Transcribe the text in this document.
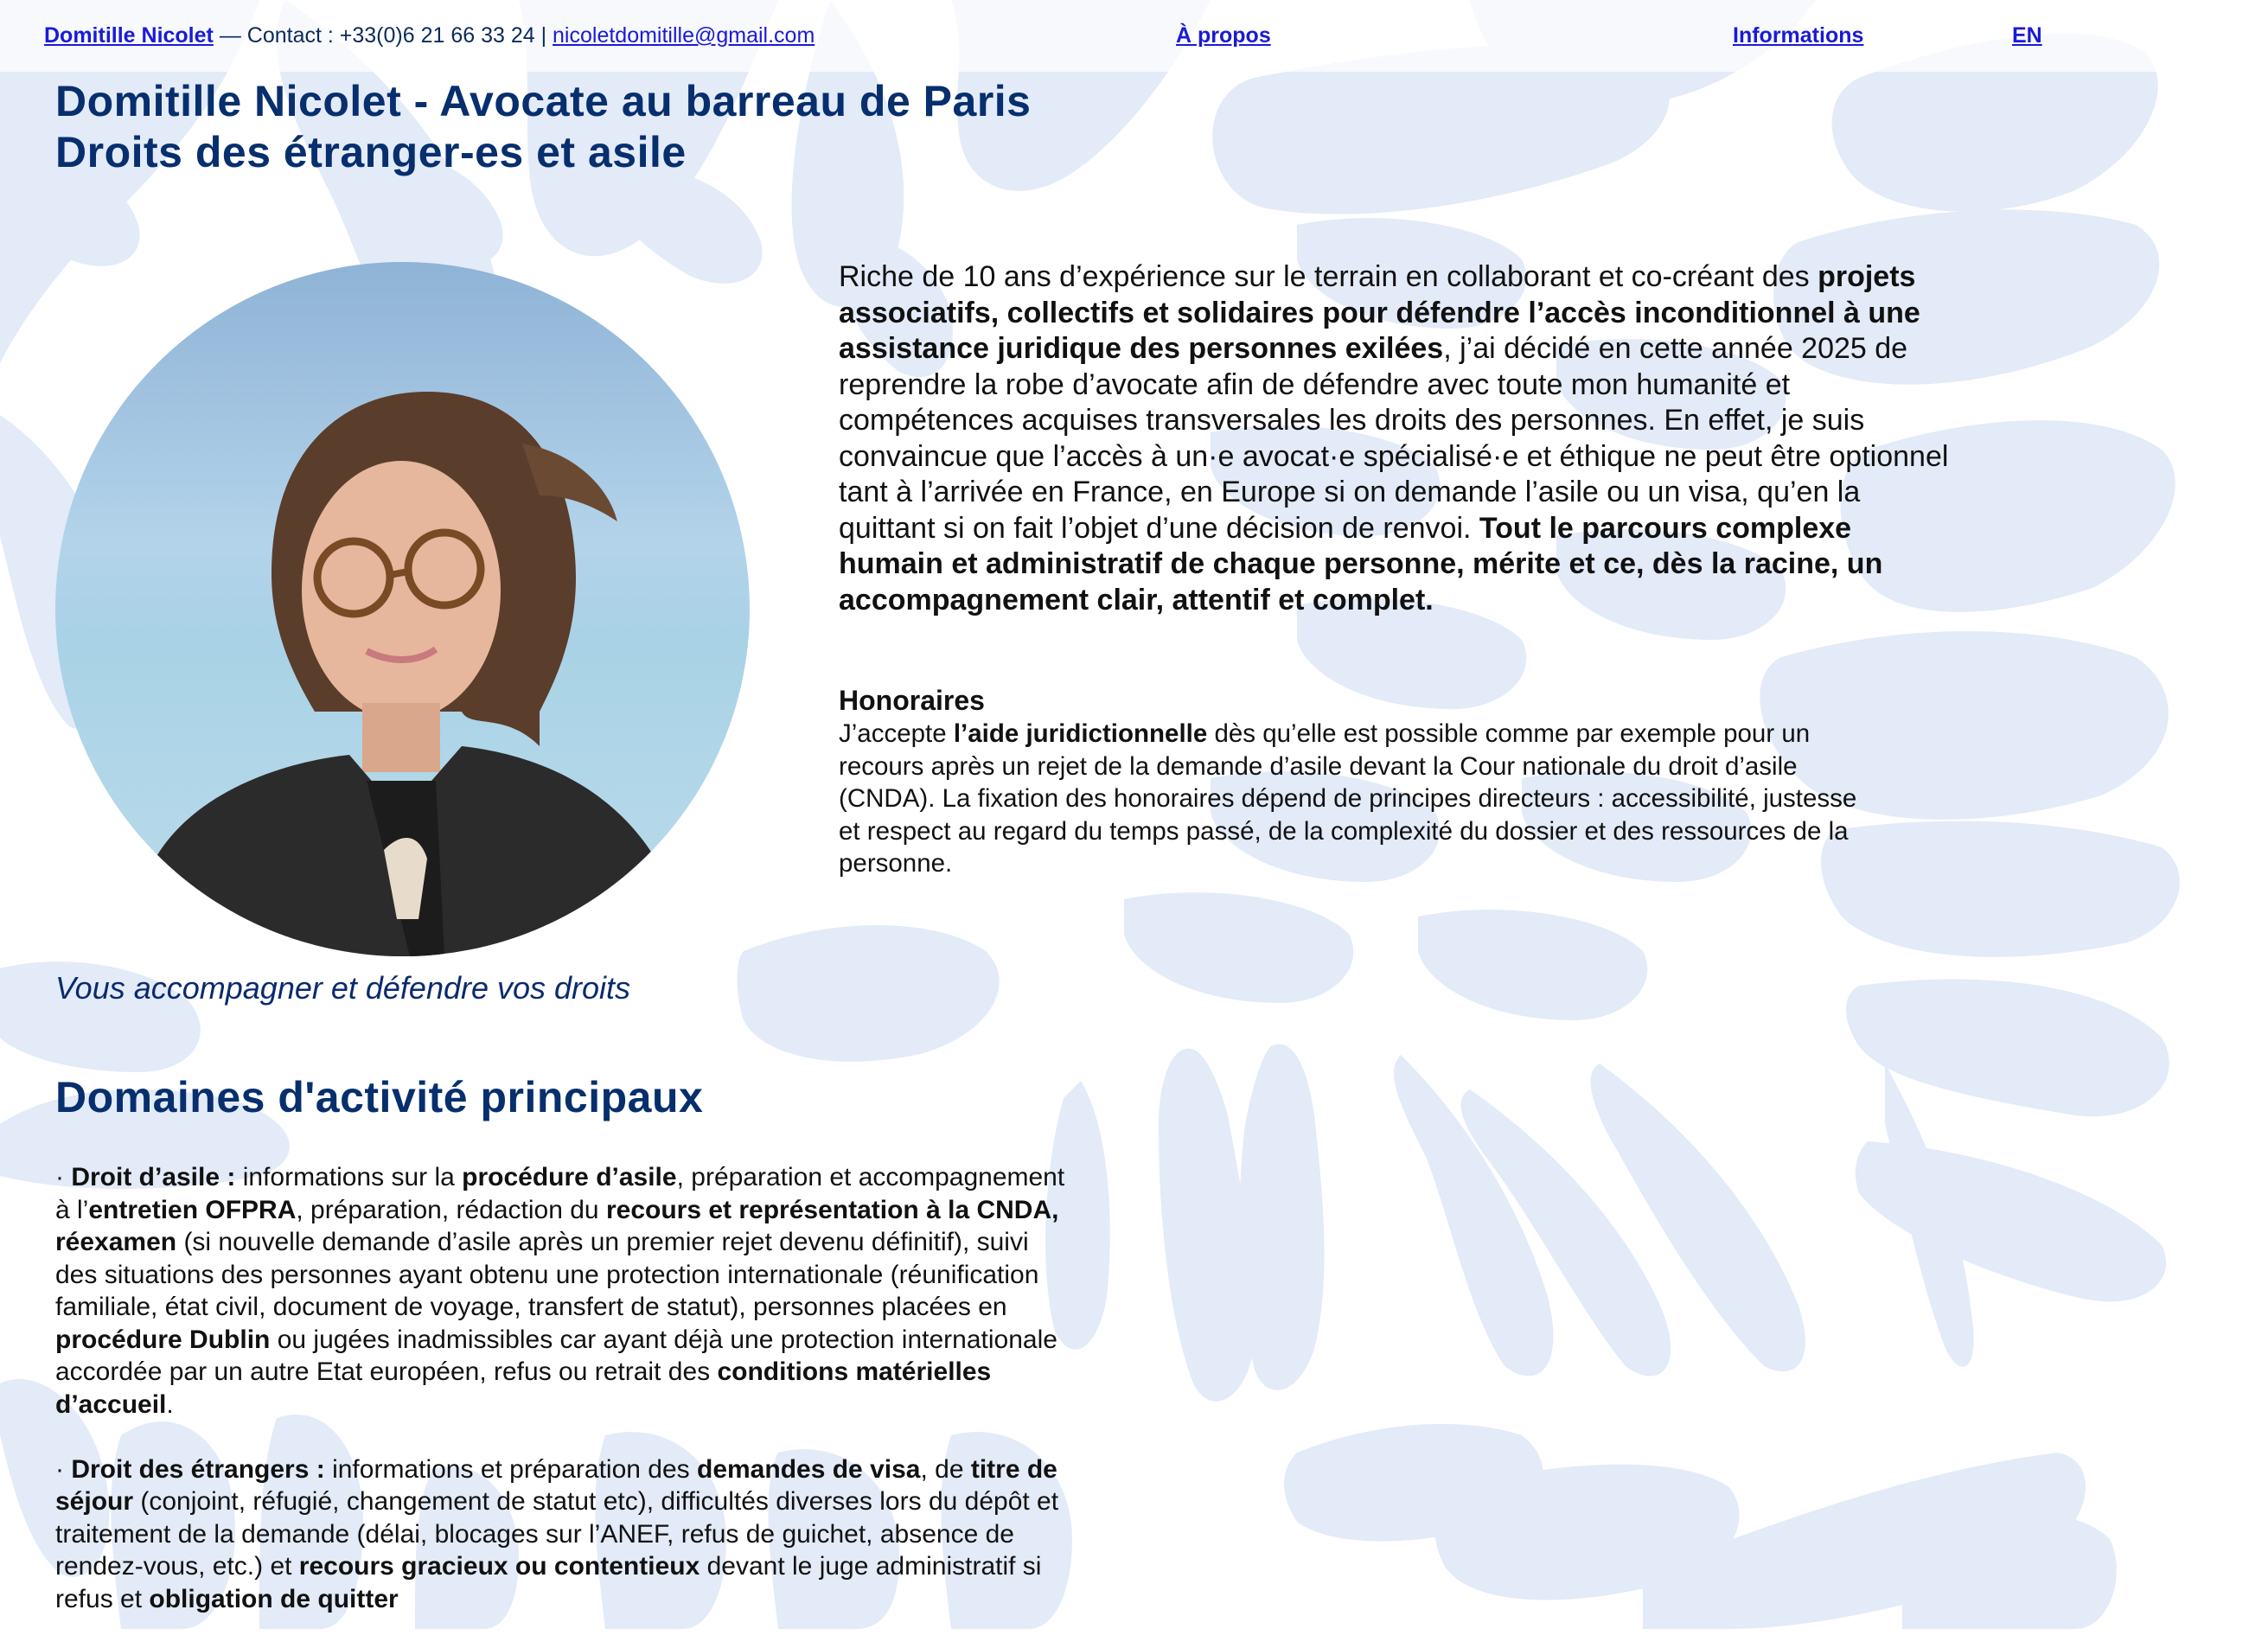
Domitille Nicolet — Contact : +33(0)6 21 66 33 24 | nicoletdomitille@gmail.com	À propos	Informations	EN
Domitille Nicolet - Avocate au barreau de Paris
Droits des étranger-es et asile
Riche de 10 ans d’expérience sur le terrain en collaborant et co-créant des projets associatifs, collectifs et solidaires pour défendre l’accès inconditionnel à une assistance juridique des personnes exilées, j’ai décidé en cette année 2025 de reprendre la robe d’avocate afin de défendre avec toute mon humanité et compétences acquises transversales les droits des personnes. En effet, je suis convaincue que l’accès à un·e avocat·e spécialisé·e et éthique ne peut être optionnel tant à l’arrivée en France, en Europe si on demande l’asile ou un visa, qu’en la quittant si on fait l’objet d’une décision de renvoi. Tout le parcours complexe humain et administratif de chaque personne, mérite et ce, dès la racine, un accompagnement clair, attentif et complet.
Honoraires

J’accepte l’aide juridictionnelle dès qu’elle est possible comme par exemple pour un recours après un rejet de la demande d’asile devant la Cour nationale du droit d’asile (CNDA). La fixation des honoraires dépend de principes directeurs : accessibilité, justesse et respect au regard du temps passé, de la complexité du dossier et des ressources de la personne.

Vous accompagner et défendre vos droits
Domaines d'activité principaux

· Droit d’asile : informations sur la procédure d’asile, préparation et accompagnement à l’entretien OFPRA, préparation, rédaction du recours et représentation à la CNDA, réexamen (si nouvelle demande d’asile après un premier rejet devenu définitif), suivi des situations des personnes ayant obtenu une protection internationale (réunification familiale, état civil, document de voyage, transfert de statut), personnes placées en procédure Dublin ou jugées inadmissibles car ayant déjà une protection internationale accordée par un autre Etat européen, refus ou retrait des conditions matérielles d’accueil.

· Droit des étrangers : informations et préparation des demandes de visa, de titre de séjour (conjoint, réfugié, changement de statut etc), difficultés diverses lors du dépôt et traitement de la demande (délai, blocages sur l’ANEF, refus de guichet, absence de rendez-vous, etc.) et recours gracieux ou contentieux devant le juge administratif si refus et obligation de quitter
